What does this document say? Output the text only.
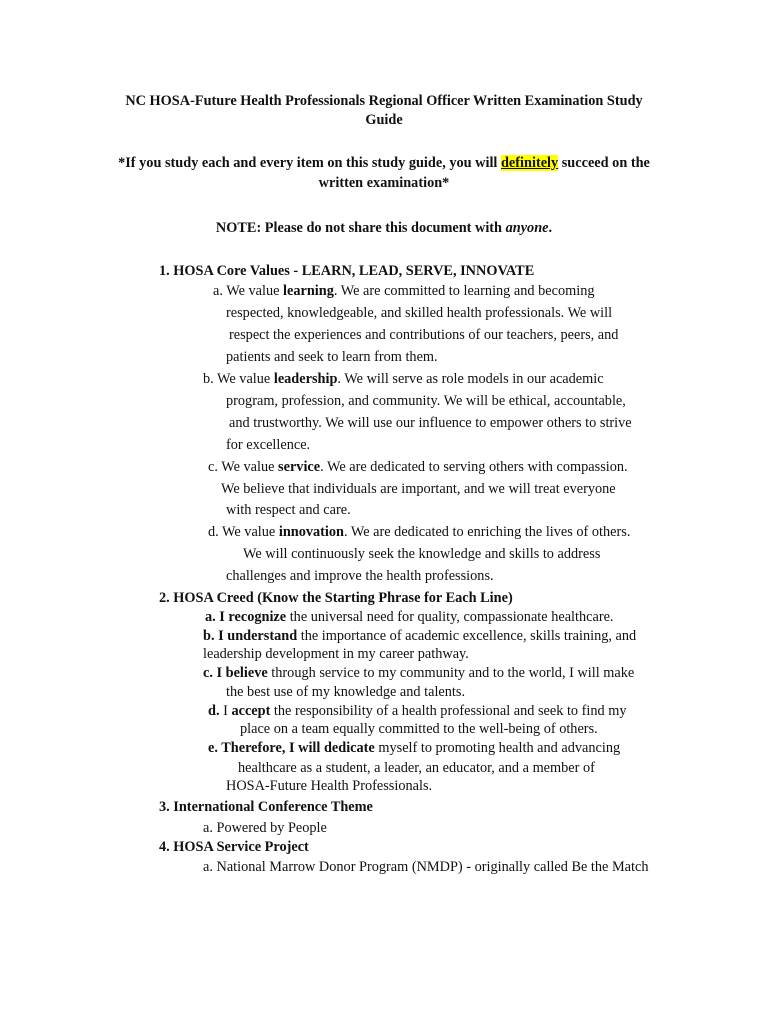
NC HOSA-Future Health Professionals Regional Officer Written Examination Study
Guide
*If you study each and every item on this study guide, you will definitely succeed on the
written examination*
NOTE: Please do not share this document with anyone.
1. HOSA Core Values - LEARN, LEAD, SERVE, INNOVATE
a. We value learning. We are committed to learning and becoming
respected, knowledgeable, and skilled health professionals. We will
respect the experiences and contributions of our teachers, peers, and
patients and seek to learn from them.
b. We value leadership. We will serve as role models in our academic
program, profession, and community. We will be ethical, accountable,
and trustworthy. We will use our influence to empower others to strive
for excellence.
c. We value service. We are dedicated to serving others with compassion.
We believe that individuals are important, and we will treat everyone
with respect and care.
d. We value innovation. We are dedicated to enriching the lives of others.
We will continuously seek the knowledge and skills to address
challenges and improve the health professions.
2. HOSA Creed (Know the Starting Phrase for Each Line)
a. I recognize the universal need for quality, compassionate healthcare.
b. I understand the importance of academic excellence, skills training, and
leadership development in my career pathway.
c. I believe through service to my community and to the world, I will make
the best use of my knowledge and talents.
d. I accept the responsibility of a health professional and seek to find my
place on a team equally committed to the well-being of others.
e. Therefore, I will dedicate myself to promoting health and advancing
healthcare as a student, a leader, an educator, and a member of
HOSA-Future Health Professionals.
3. International Conference Theme
a. Powered by People
4. HOSA Service Project
a. National Marrow Donor Program (NMDP) - originally called Be the Match
